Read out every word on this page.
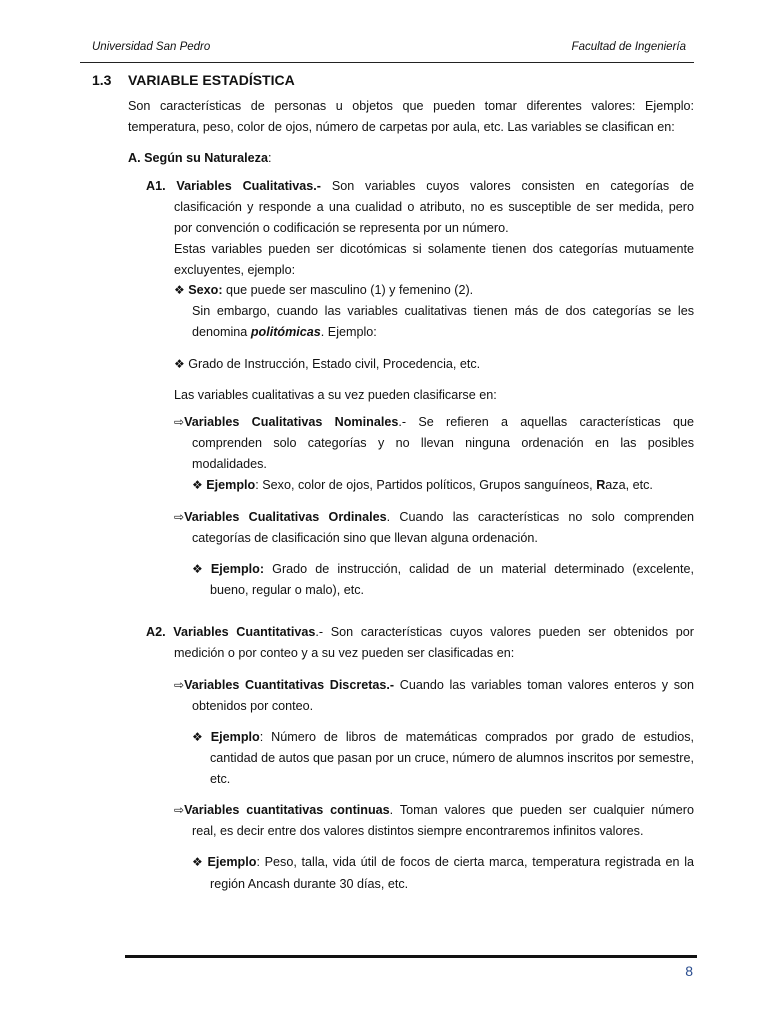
Universidad San Pedro	Facultad de Ingeniería
1.3 VARIABLE ESTADÍSTICA
Son características de personas u objetos que pueden tomar diferentes valores: Ejemplo:
temperatura, peso, color de ojos, número de carpetas por aula, etc. Las variables se clasifican en:
A. Según su Naturaleza:
A1. Variables Cualitativas.- Son variables cuyos valores consisten en categorías de
clasificación y responde a una cualidad o atributo, no es susceptible de ser medida, pero
por convención o codificación se representa por un número.
Estas variables pueden ser dicotómicas si solamente tienen dos categorías mutuamente
excluyentes, ejemplo:
❖ Sexo: que puede ser masculino (1) y femenino (2).
Sin embargo, cuando las variables cualitativas tienen más de dos categorías se les
denomina politómicas. Ejemplo:
❖ Grado de Instrucción, Estado civil, Procedencia, etc.
Las variables cualitativas a su vez pueden clasificarse en:
⇨Variables Cualitativas Nominales.- Se refieren a aquellas características que
comprenden solo categorías y no llevan ninguna ordenación en las posibles
modalidades.
❖ Ejemplo: Sexo, color de ojos, Partidos políticos, Grupos sanguíneos, Raza, etc.
⇨Variables Cualitativas Ordinales. Cuando las características no solo comprenden
categorías de clasificación sino que llevan alguna ordenación.
❖ Ejemplo: Grado de instrucción, calidad de un material determinado (excelente,
bueno, regular o malo), etc.
A2. Variables Cuantitativas.- Son características cuyos valores pueden ser obtenidos por
medición o por conteo y a su vez pueden ser clasificadas en:
⇨Variables Cuantitativas Discretas.- Cuando las variables toman valores enteros y son
obtenidos por conteo.
❖ Ejemplo: Número de libros de matemáticas comprados por grado de estudios,
cantidad de autos que pasan por un cruce, número de alumnos inscritos por semestre,
etc.
⇨Variables cuantitativas continuas. Toman valores que pueden ser cualquier número
real, es decir entre dos valores distintos siempre encontraremos infinitos valores.
❖ Ejemplo: Peso, talla, vida útil de focos de cierta marca, temperatura registrada en la
región Ancash durante 30 días, etc.
8
